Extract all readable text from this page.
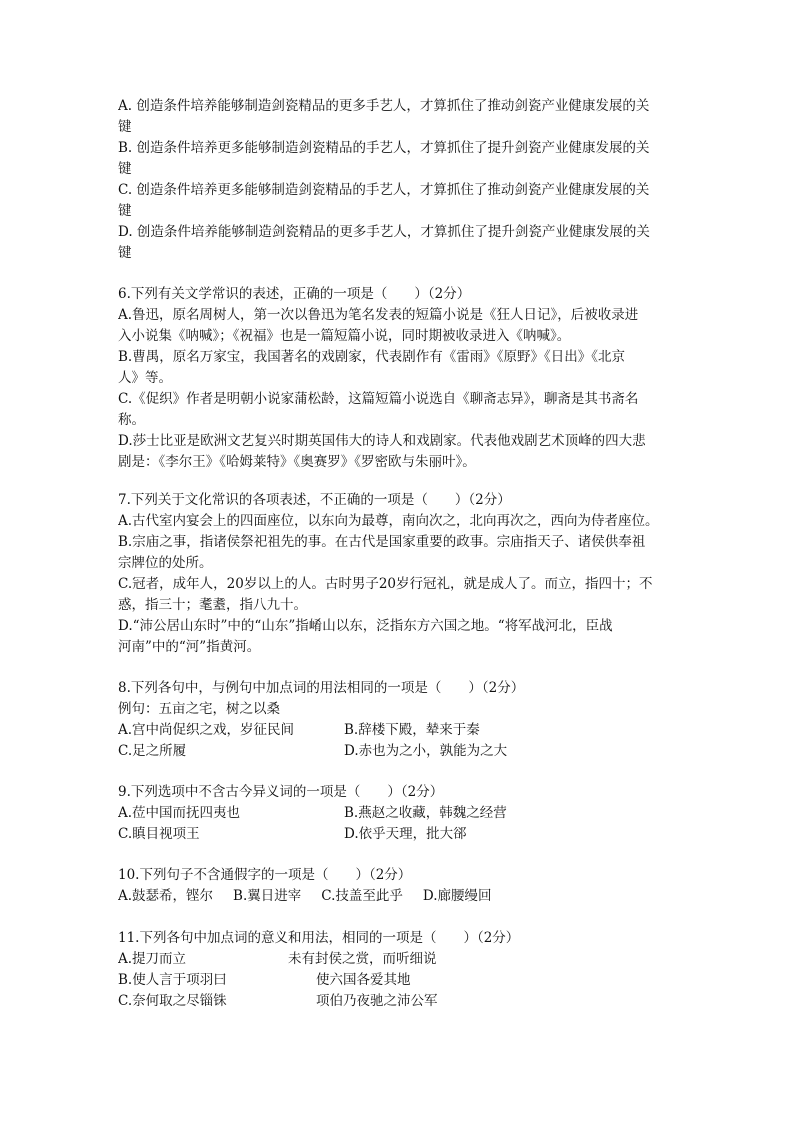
A. 创造条件培养能够制造剑瓷精品的更多手艺人，才算抓住了推动剑瓷产业健康发展的关
键
B. 创造条件培养更多能够制造剑瓷精品的手艺人，才算抓住了提升剑瓷产业健康发展的关
键
C. 创造条件培养更多能够制造剑瓷精品的手艺人，才算抓住了推动剑瓷产业健康发展的关
键
D. 创造条件培养能够制造剑瓷精品的更多手艺人，才算抓住了提升剑瓷产业健康发展的关
键
6.下列有关文学常识的表述，正确的一项是（　　）（2分）
A.鲁迅，原名周树人，第一次以鲁迅为笔名发表的短篇小说是《狂人日记》，后被收录进
入小说集《呐喊》；《祝福》也是一篇短篇小说，同时期被收录进入《呐喊》。
B.曹禺，原名万家宝，我国著名的戏剧家，代表剧作有《雷雨》《原野》《日出》《北京
人》等。
C.《促织》作者是明朝小说家蒲松龄，这篇短篇小说选自《聊斋志异》，聊斋是其书斋名
称。
D.莎士比亚是欧洲文艺复兴时期英国伟大的诗人和戏剧家。代表他戏剧艺术顶峰的四大悲
剧是：《李尔王》《哈姆莱特》《奥赛罗》《罗密欧与朱丽叶》。
7.下列关于文化常识的各项表述，不正确的一项是（　　）（2分）
A.古代室内宴会上的四面座位，以东向为最尊，南向次之，北向再次之，西向为侍者座位。
B.宗庙之事，指诸侯祭祀祖先的事。在古代是国家重要的政事。宗庙指天子、诸侯供奉祖
宗牌位的处所。
C.冠者，成年人，20岁以上的人。古时男子20岁行冠礼，就是成人了。而立，指四十；不
惑，指三十；耄耋，指八九十。
D.“沛公居山东时”中的“山东”指崤山以东，泛指东方六国之地。“将军战河北，臣战
河南”中的“河”指黄河。
8.下列各句中，与例句中加点词的用法相同的一项是（　　）（2分）
例句：五亩之宅，树之以桑
A.宫中尚促织之戏，岁征民间	B.辞楼下殿，辇来于秦
C.足之所履	D.赤也为之小，孰能为之大
9.下列选项中不含古今异义词的一项是（　　）（2分）
A.莅中国而抚四夷也	B.燕赵之收藏，韩魏之经营
C.瞋目视项王	D.依乎天理，批大郤
10.下列句子不含通假字的一项是（　　）（2分）
A.鼓瑟希，铿尔 B.翼日进宰 C.技盖至此乎 D.廊腰缦回
11.下列各句中加点词的意义和用法，相同的一项是（　　）（2分）
A.提刀而立	未有封侯之赏，而听细说
B.使人言于项羽曰	使六国各爱其地
C.奈何取之尽锱铢	项伯乃夜驰之沛公军
